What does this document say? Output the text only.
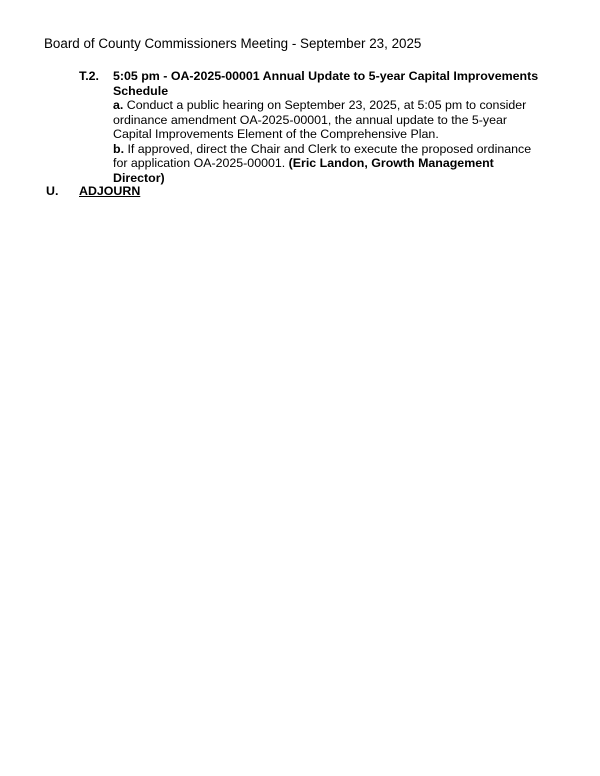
Board of County Commissioners Meeting - September 23, 2025
T.2. 5:05 pm - OA-2025-00001 Annual Update to 5-year Capital Improvements Schedule

a. Conduct a public hearing on September 23, 2025, at 5:05 pm to consider ordinance amendment OA-2025-00001, the annual update to the 5-year Capital Improvements Element of the Comprehensive Plan.

b. If approved, direct the Chair and Clerk to execute the proposed ordinance for application OA-2025-00001. (Eric Landon, Growth Management Director)

U. ADJOURN
